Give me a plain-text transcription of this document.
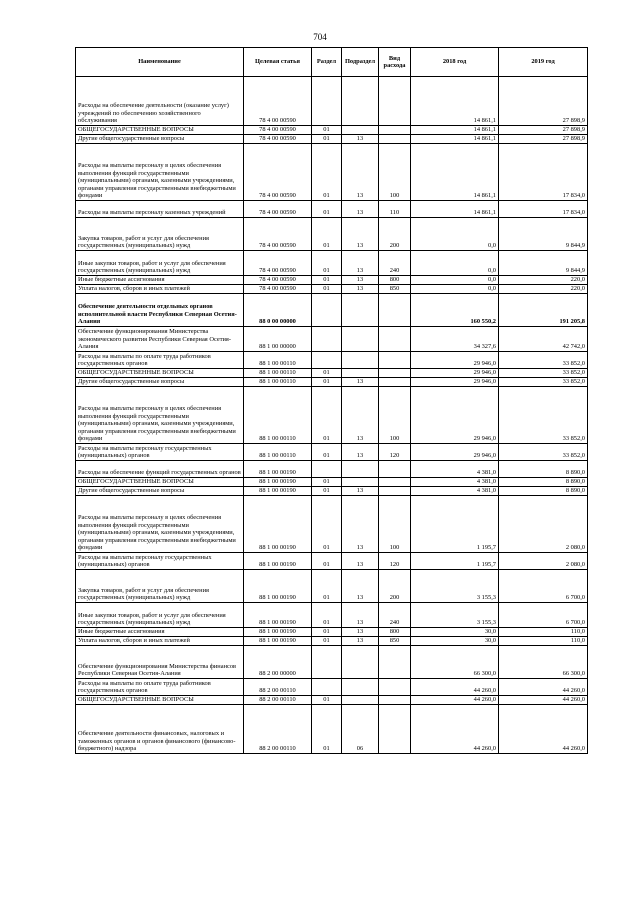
704
Наименование	Целевая статья	Раздел	Подраздел	Вид расхода	2018 год	2019 год
Расходы на обеспечение деятельности (оказание услуг) учреждений по обеспечению хозяйственного обслуживания	78 4 00 00590				14 861,1	27 898,9
ОБЩЕГОСУДАРСТВЕННЫЕ ВОПРОСЫ	78 4 00 00590	01			14 861,1	27 898,9
Другие общегосударственные вопросы	78 4 00 00590	01	13		14 861,1	27 898,9
Расходы на выплаты персоналу в целях обеспечения выполнения функций государственными (муниципальными) органами, казенными учреждениями, органами управления государственными внебюджетными фондами	78 4 00 00590	01	13	100	14 861,1	17 834,0
Расходы на выплаты персоналу казенных учреждений	78 4 00 00590	01	13	110	14 861,1	17 834,0
Закупка товаров, работ и услуг для обеспечения государственных (муниципальных) нужд	78 4 00 00590	01	13	200	0,0	9 844,9
Иные закупки товаров, работ и услуг для обеспечения государственных (муниципальных) нужд	78 4 00 00590	01	13	240	0,0	9 844,9
Иные бюджетные ассигнования	78 4 00 00590	01	13	800	0,0	220,0
Уплата налогов, сборов и иных платежей	78 4 00 00590	01	13	850	0,0	220,0
Обеспечение деятельности отдельных органов исполнительной власти Республики Северная Осетия-Алания	88 0 00 00000				160 550,2	191 205,8
Обеспечение функционирования Министерства экономического развития Республики Северная Осетия-Алания	88 1 00 00000				34 327,6	42 742,0
Расходы на выплаты по оплате труда работников государственных органов	88 1 00 00110				29 946,0	33 852,0
ОБЩЕГОСУДАРСТВЕННЫЕ ВОПРОСЫ	88 1 00 00110	01			29 946,0	33 852,0
Другие общегосударственные вопросы	88 1 00 00110	01	13		29 946,0	33 852,0
Расходы на выплаты персоналу в целях обеспечения выполнения функций государственными (муниципальными) органами, казенными учреждениями, органами управления государственными внебюджетными фондами	88 1 00 00110	01	13	100	29 946,0	33 852,0
Расходы на выплаты персоналу государственных (муниципальных) органов	88 1 00 00110	01	13	120	29 946,0	33 852,0
Расходы на обеспечение функций государственных органов	88 1 00 00190				4 381,0	8 890,0
ОБЩЕГОСУДАРСТВЕННЫЕ ВОПРОСЫ	88 1 00 00190	01			4 381,0	8 890,0
Другие общегосударственные вопросы	88 1 00 00190	01	13		4 381,0	8 890,0
Расходы на выплаты персоналу в целях обеспечения выполнения функций государственными (муниципальными) органами, казенными учреждениями, органами управления государственными внебюджетными фондами	88 1 00 00190	01	13	100	1 195,7	2 080,0
Расходы на выплаты персоналу государственных (муниципальных) органов	88 1 00 00190	01	13	120	1 195,7	2 080,0
Закупка товаров, работ и услуг для обеспечения государственных (муниципальных) нужд	88 1 00 00190	01	13	200	3 155,3	6 700,0
Иные закупки товаров, работ и услуг для обеспечения государственных (муниципальных) нужд	88 1 00 00190	01	13	240	3 155,3	6 700,0
Иные бюджетные ассигнования	88 1 00 00190	01	13	800	30,0	110,0
Уплата налогов, сборов и иных платежей	88 1 00 00190	01	13	850	30,0	110,0
Обеспечение функционирования Министерства финансов Республики Северная Осетия-Алания	88 2 00 00000				66 300,0	66 300,0
Расходы на выплаты по оплате труда работников государственных органов	88 2 00 00110				44 260,0	44 260,0
ОБЩЕГОСУДАРСТВЕННЫЕ ВОПРОСЫ	88 2 00 00110	01			44 260,0	44 260,0
Обеспечение деятельности финансовых, налоговых и таможенных органов и органов финансового (финансово-бюджетного) надзора	88 2 00 00110	01	06		44 260,0	44 260,0
